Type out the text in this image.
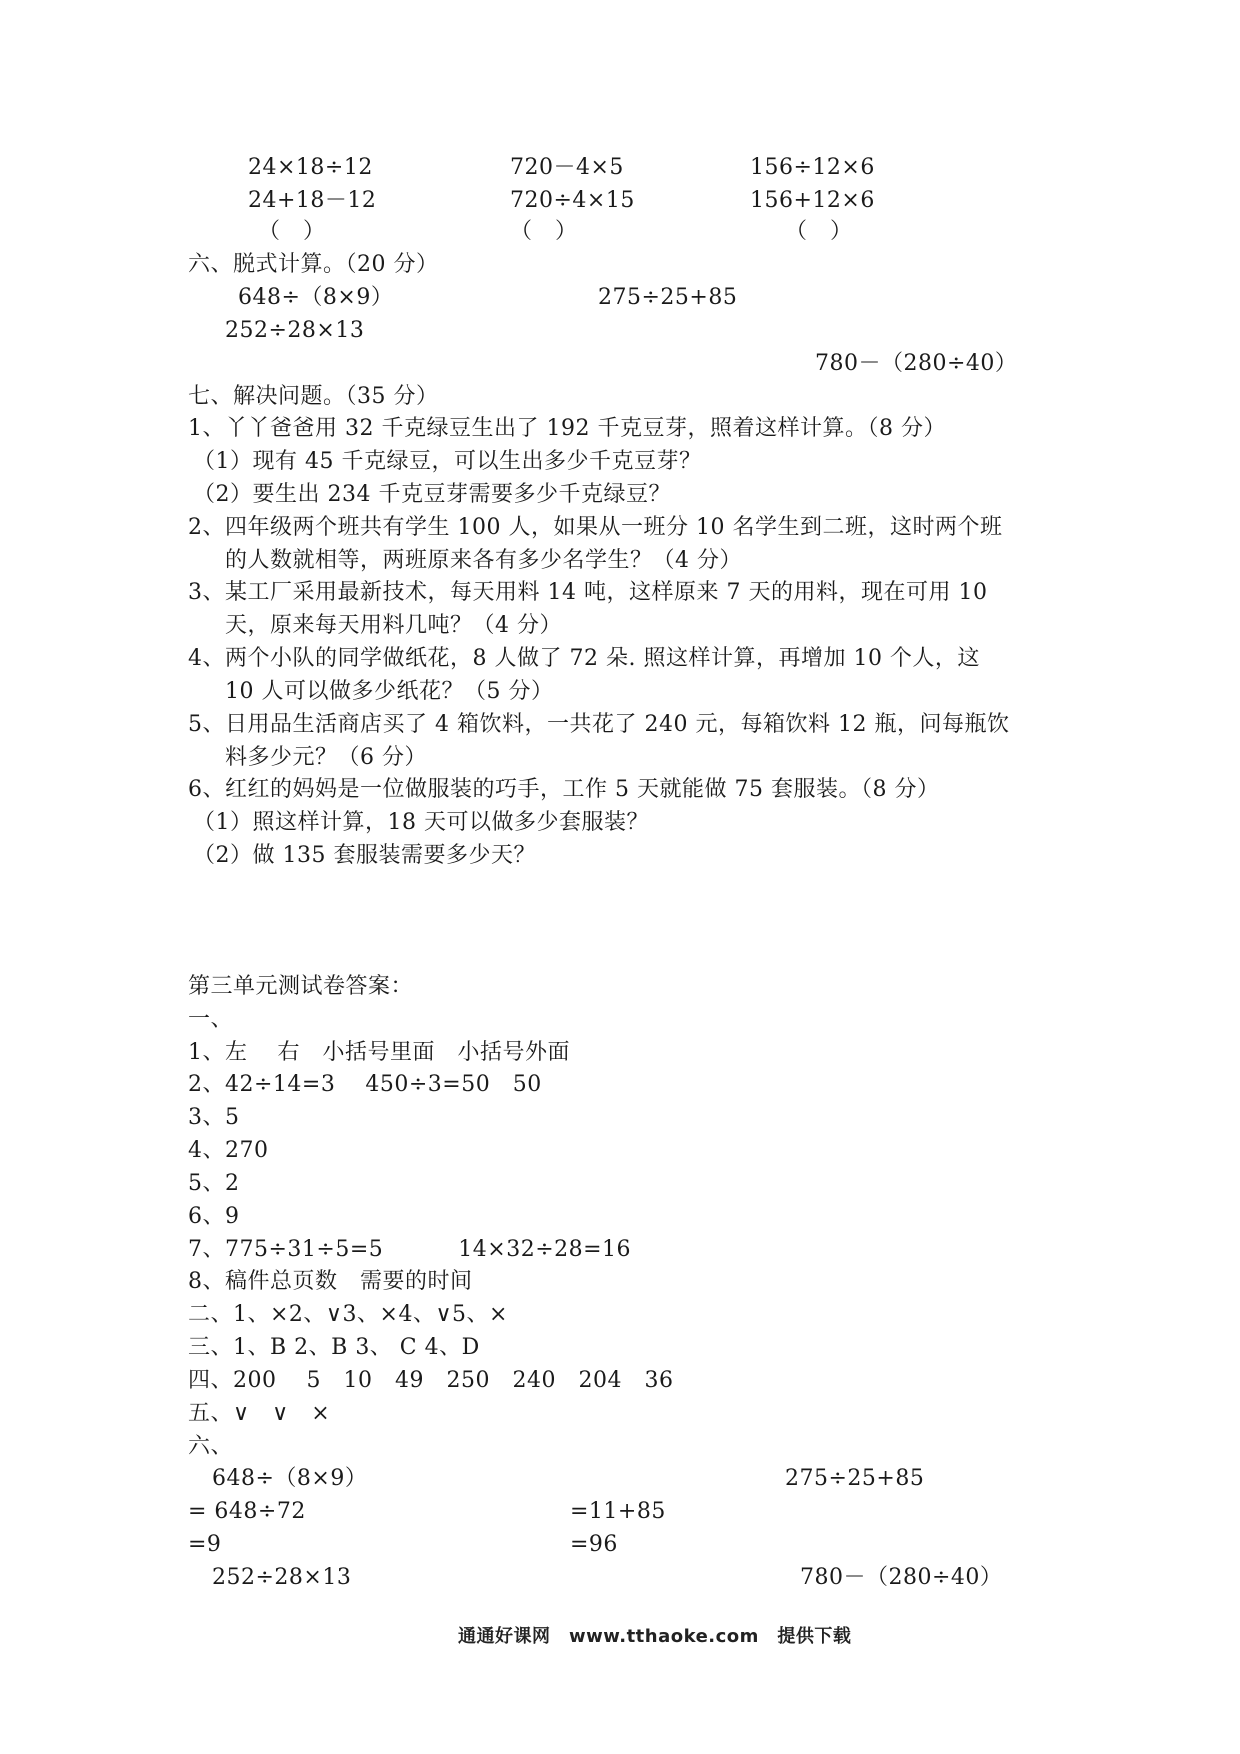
24×18÷12	720－4×5	156÷12×6
24+18－12	720÷4×15	156+12×6
（　）	（　）	（　）
六、脱式计算。（20 分）
648÷（8×9）	275÷25+85
252÷28×13
780－（280÷40）
七、解决问题。（35 分）
1、丫丫爸爸用 32 千克绿豆生出了 192 千克豆芽，照着这样计算。（8 分）
（1）现有 45 千克绿豆，可以生出多少千克豆芽？
（2）要生出 234 千克豆芽需要多少千克绿豆？
2、四年级两个班共有学生 100 人，如果从一班分 10 名学生到二班，这时两个班
的人数就相等，两班原来各有多少名学生？（4 分）
3、某工厂采用最新技术，每天用料 14 吨，这样原来 7 天的用料，现在可用 10
天，原来每天用料几吨？（4 分）
4、两个小队的同学做纸花，8 人做了 72 朵. 照这样计算，再增加 10 个人，这
10 人可以做多少纸花？（5 分）
5、日用品生活商店买了 4 箱饮料，一共花了 240 元，每箱饮料 12 瓶，问每瓶饮
料多少元？（6 分）
6、红红的妈妈是一位做服装的巧手，工作 5 天就能做 75 套服装。（8 分）
（1）照这样计算，18 天可以做多少套服装？
（2）做 135 套服装需要多少天？
第三单元测试卷答案：
一、
1、左　 右　小括号里面　小括号外面
2、42÷14=3　 450÷3=50　50
3、5
4、270
5、2
6、9
7、775÷31÷5=5　　　 14×32÷28=16
8、稿件总页数　需要的时间
二、1、×2、∨3、×4、∨5、×
三、1、B 2、B 3、 C 4、D
四、200　 5　10　49　250　240　204　36
五、∨　∨　×
六、
648÷（8×9）	275÷25+85
= 648÷72	=11+85
=9	=96
252÷28×13	780－（280÷40）
通通好课网　www.tthaoke.com　提供下载
